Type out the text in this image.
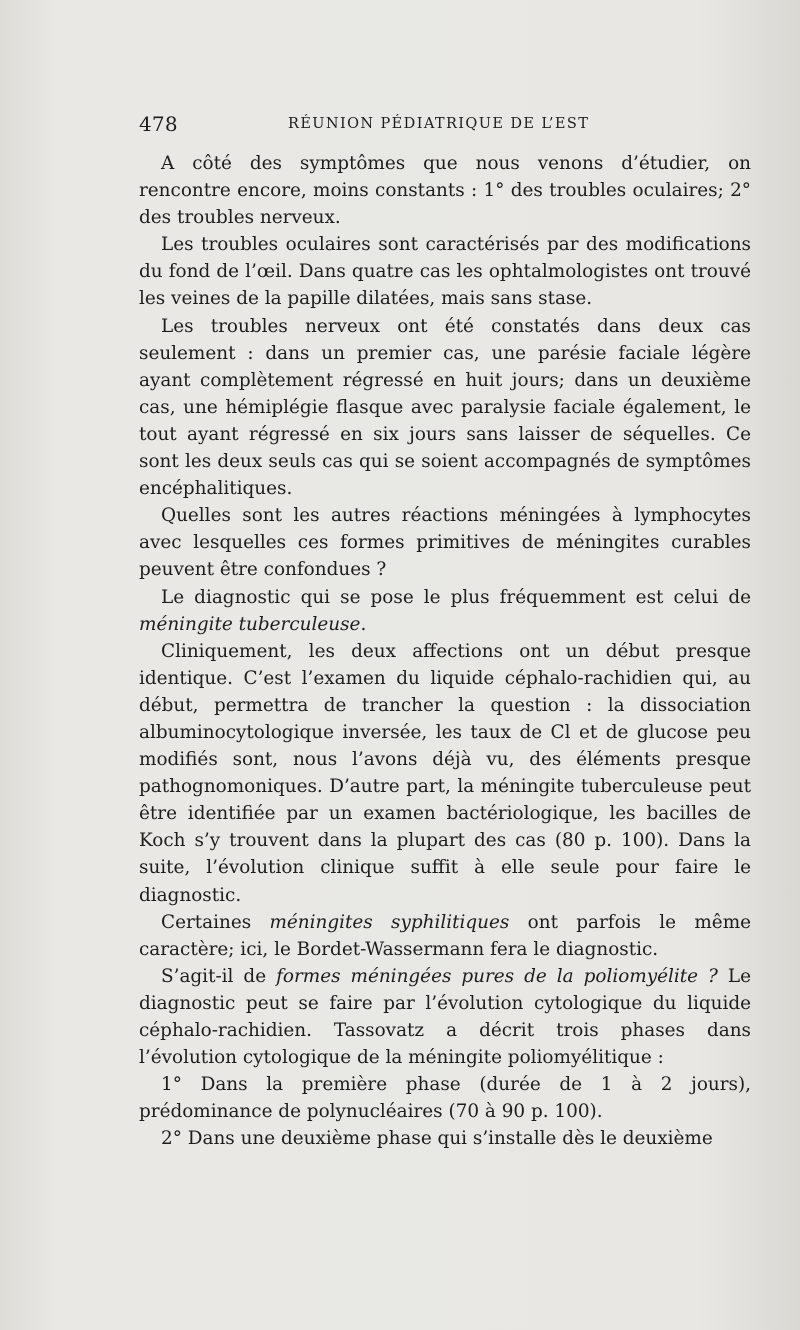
478	RÉUNION PÉDIATRIQUE DE L’EST

A côté des symptômes que nous venons d’étudier, on rencontre encore, moins constants : 1° des troubles oculaires; 2° des troubles nerveux.

Les troubles oculaires sont caractérisés par des modifications du fond de l’œil. Dans quatre cas les ophtalmologistes ont trouvé les veines de la papille dilatées, mais sans stase.

Les troubles nerveux ont été constatés dans deux cas seulement : dans un premier cas, une parésie faciale légère ayant complètement régressé en huit jours; dans un deuxième cas, une hémiplégie flasque avec paralysie faciale également, le tout ayant régressé en six jours sans laisser de séquelles. Ce sont les deux seuls cas qui se soient accompagnés de symptômes encéphalitiques.

Quelles sont les autres réactions méningées à lymphocytes avec lesquelles ces formes primitives de méningites curables peuvent être confondues ?

Le diagnostic qui se pose le plus fréquemment est celui de méningite tuberculeuse.

Cliniquement, les deux affections ont un début presque identique. C’est l’examen du liquide céphalo-rachidien qui, au début, permettra de trancher la question : la dissociation albuminocytologique inversée, les taux de Cl et de glucose peu modifiés sont, nous l’avons déjà vu, des éléments presque pathognomoniques. D’autre part, la méningite tuberculeuse peut être identifiée par un examen bactériologique, les bacilles de Koch s’y trouvent dans la plupart des cas (80 p. 100). Dans la suite, l’évolution clinique suffit à elle seule pour faire le diagnostic.

Certaines méningites syphilitiques ont parfois le même caractère; ici, le Bordet-Wassermann fera le diagnostic.

S’agit-il de formes méningées pures de la poliomyélite ? Le diagnostic peut se faire par l’évolution cytologique du liquide céphalo-rachidien. Tassovatz a décrit trois phases dans l’évolution cytologique de la méningite poliomyélitique :

1° Dans la première phase (durée de 1 à 2 jours), prédominance de polynucléaires (70 à 90 p. 100).

2° Dans une deuxième phase qui s’installe dès le deuxième
